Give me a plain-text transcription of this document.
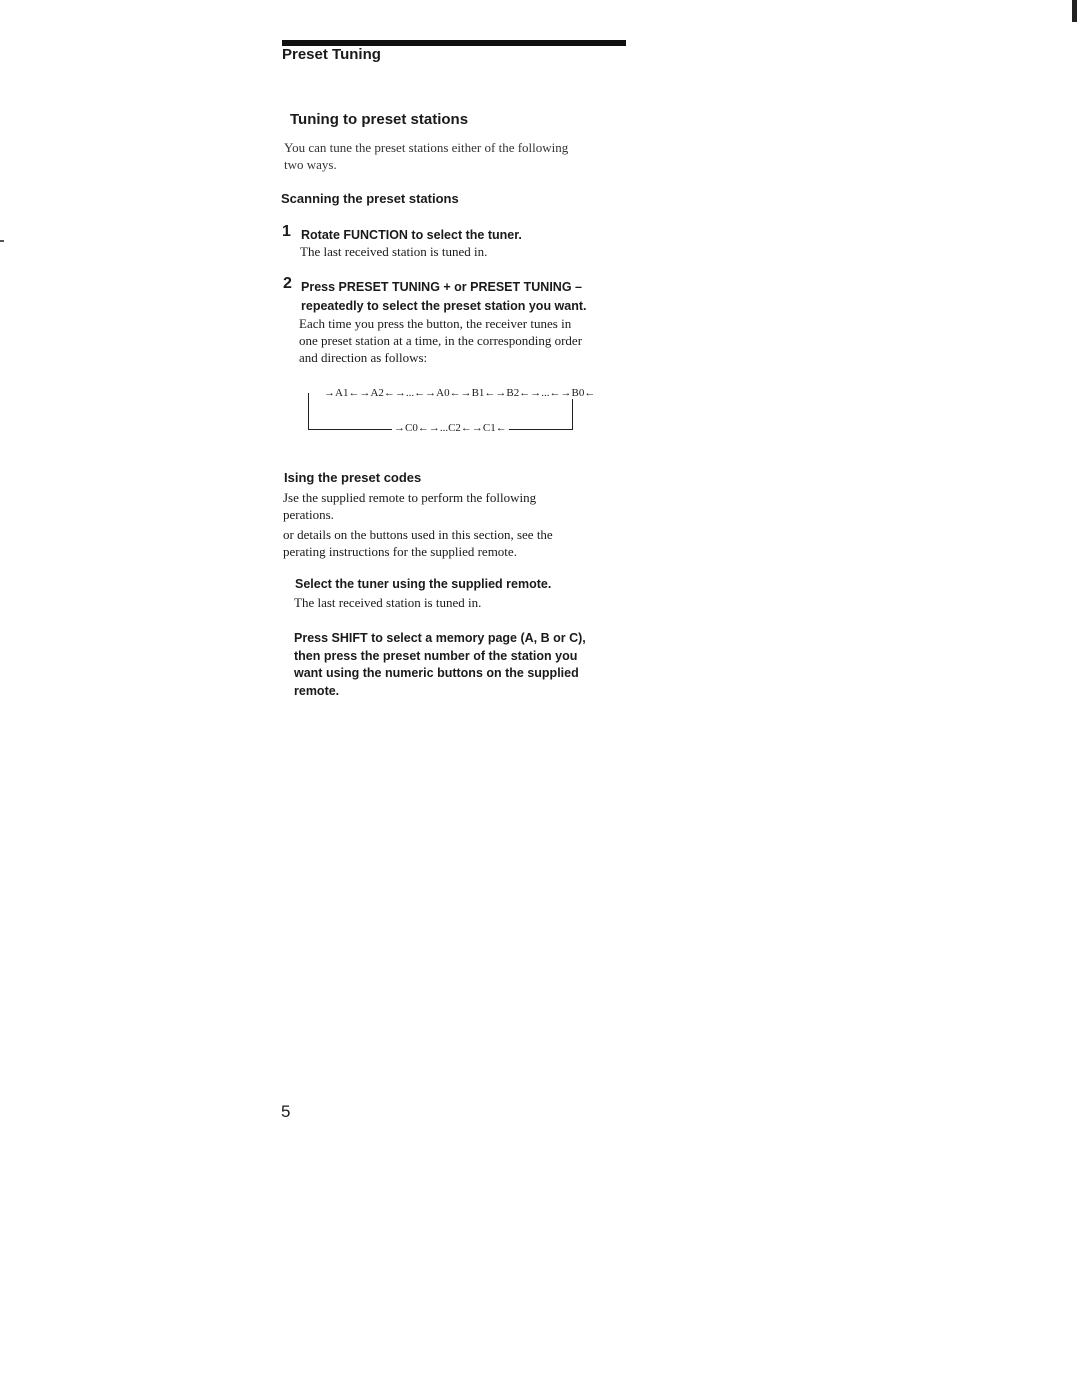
Preset Tuning
Tuning to preset stations
You can tune the preset stations either of the following
two ways.
Scanning the preset stations
1 Rotate FUNCTION to select the tuner.
The last received station is tuned in.
2 Press PRESET TUNING + or PRESET TUNING –
repeatedly to select the preset station you want.
Each time you press the button, the receiver tunes in
one preset station at a time, in the corresponding order
and direction as follows:
→A1←→A2←→...←→A0←→B1←→B2←→...←→B0←
→C0←→...C2←→C1←
Ising the preset codes
Jse the supplied remote to perform the following
perations.
or details on the buttons used in this section, see the
perating instructions for the supplied remote.
Select the tuner using the supplied remote.
The last received station is tuned in.
Press SHIFT to select a memory page (A, B or C), then press the preset number of the station you want using the numeric buttons on the supplied remote.
5
